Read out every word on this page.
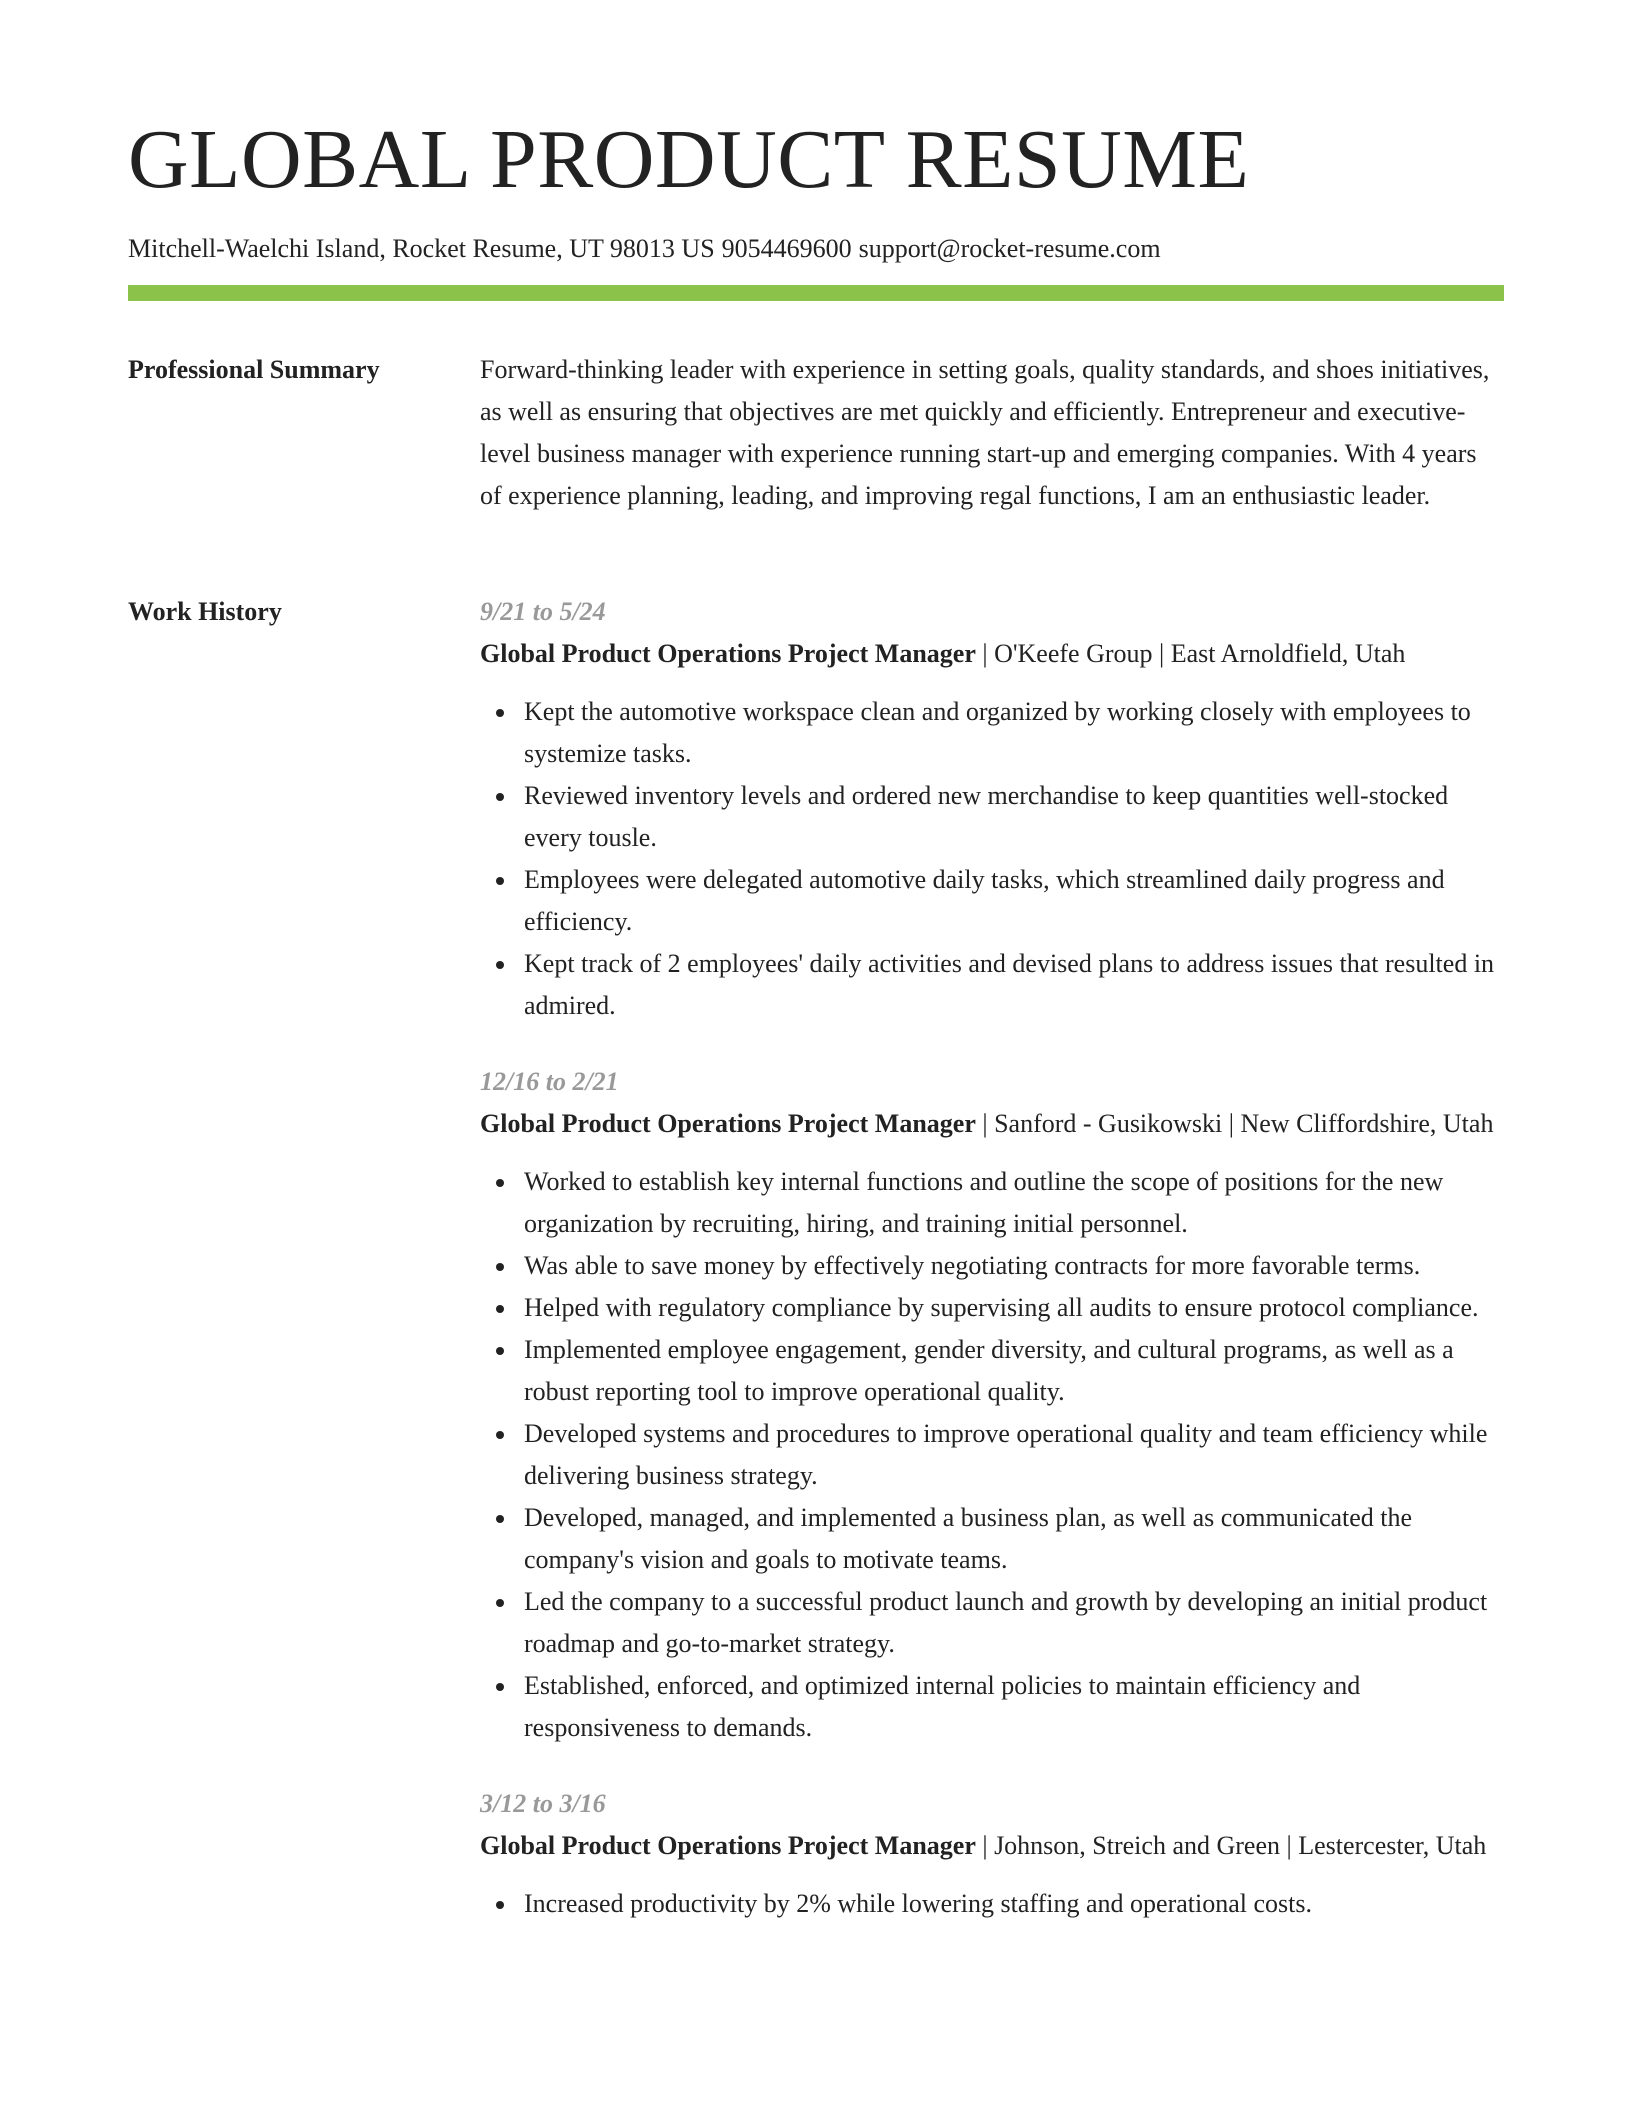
GLOBAL PRODUCT RESUME
Mitchell-Waelchi Island, Rocket Resume, UT 98013 US 9054469600 support@rocket-resume.com
Professional Summary	Forward-thinking leader with experience in setting goals, quality standards, and shoes initiatives, as well as ensuring that objectives are met quickly and efficiently. Entrepreneur and executive-level business manager with experience running start-up and emerging companies. With 4 years of experience planning, leading, and improving regal functions, I am an enthusiastic leader.

Work History	9/21 to 5/24
Global Product Operations Project Manager | O'Keefe Group | East Arnoldfield, Utah
Kept the automotive workspace clean and organized by working closely with employees to systemize tasks.
Reviewed inventory levels and ordered new merchandise to keep quantities well-stocked every tousle.
Employees were delegated automotive daily tasks, which streamlined daily progress and efficiency.
Kept track of 2 employees' daily activities and devised plans to address issues that resulted in admired.
12/16 to 2/21
Global Product Operations Project Manager | Sanford - Gusikowski | New Cliffordshire, Utah
Worked to establish key internal functions and outline the scope of positions for the new organization by recruiting, hiring, and training initial personnel.
Was able to save money by effectively negotiating contracts for more favorable terms.
Helped with regulatory compliance by supervising all audits to ensure protocol compliance.
Implemented employee engagement, gender diversity, and cultural programs, as well as a robust reporting tool to improve operational quality.
Developed systems and procedures to improve operational quality and team efficiency while delivering business strategy.
Developed, managed, and implemented a business plan, as well as communicated the company's vision and goals to motivate teams.
Led the company to a successful product launch and growth by developing an initial product roadmap and go-to-market strategy.
Established, enforced, and optimized internal policies to maintain efficiency and responsiveness to demands.
3/12 to 3/16
Global Product Operations Project Manager | Johnson, Streich and Green | Lestercester, Utah
Increased productivity by 2% while lowering staffing and operational costs.
